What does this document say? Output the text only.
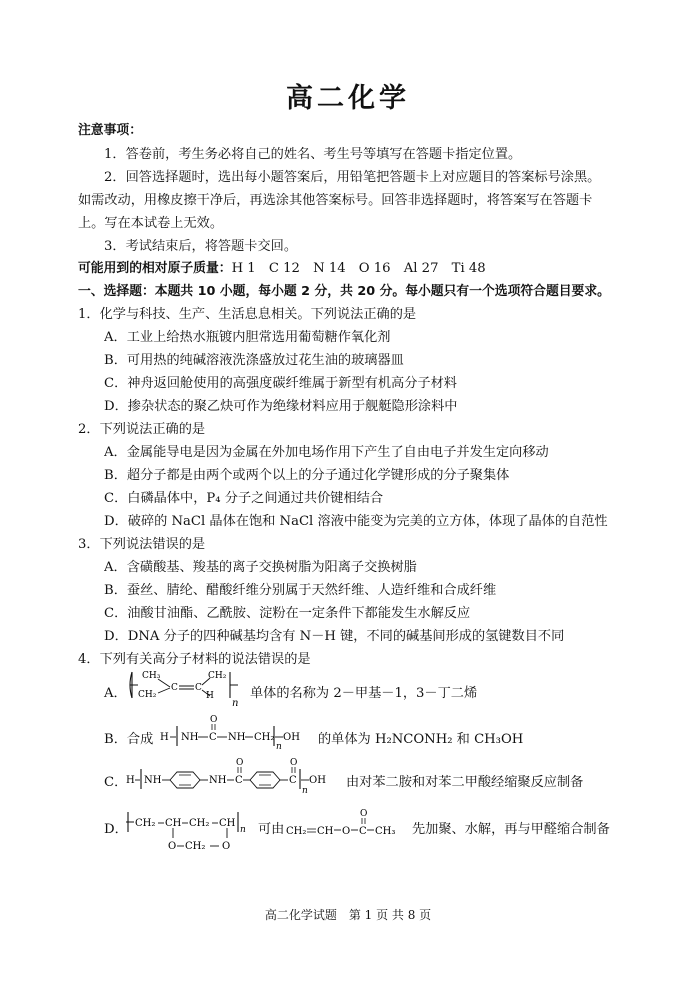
高二化学
注意事项：
1．答卷前，考生务必将自己的姓名、考生号等填写在答题卡指定位置。
2．回答选择题时，选出每小题答案后，用铅笔把答题卡上对应题目的答案标号涂黑。
如需改动，用橡皮擦干净后，再选涂其他答案标号。回答非选择题时，将答案写在答题卡
上。写在本试卷上无效。
3．考试结束后，将答题卡交回。
可能用到的相对原子质量：H 1　C 12　N 14　O 16　Al 27　Ti 48
一、选择题：本题共 10 小题，每小题 2 分，共 20 分。每小题只有一个选项符合题目要求。
1．化学与科技、生产、生活息息相关。下列说法正确的是
A．工业上给热水瓶镀内胆常选用葡萄糖作氧化剂
B．可用热的纯碱溶液洗涤盛放过花生油的玻璃器皿
C．神舟返回舱使用的高强度碳纤维属于新型有机高分子材料
D．掺杂状态的聚乙炔可作为绝缘材料应用于舰艇隐形涂料中
2．下列说法正确的是
A．金属能导电是因为金属在外加电场作用下产生了自由电子并发生定向移动
B．超分子都是由两个或两个以上的分子通过化学键形成的分子聚集体
C．白磷晶体中，P₄ 分子之间通过共价键相结合
D．破碎的 NaCl 晶体在饱和 NaCl 溶液中能变为完美的立方体，体现了晶体的自范性
3．下列说法错误的是
A．含磺酸基、羧基的离子交换树脂为阳离子交换树脂
B．蚕丝、腈纶、醋酸纤维分别属于天然纤维、人造纤维和合成纤维
C．油酸甘油酯、乙酰胺、淀粉在一定条件下都能发生水解反应
D．DNA 分子的四种碱基均含有 N－H 键，不同的碱基间形成的氢键数目不同
4．下列有关高分子材料的说法错误的是
A．
CH₃
CH₂
C C
CH₂
H
n
单体的名称为 2－甲基－1，3－丁二烯
B．合成 H NH C
O
NH CH₂
n
OH 的单体为 H₂NCONH₂ 和 CH₃OH
C．
H NH	NH C
O
C
O
n
OH 由对苯二胺和对苯二甲酸经缩聚反应制备
D． CH₂ CH CH₂ CH
n
O CH₂ O
可由 CH₂ CH O C
O
CH₃ 先加聚、水解，再与甲醛缩合制备
高二化学试题　第 1 页 共 8 页
